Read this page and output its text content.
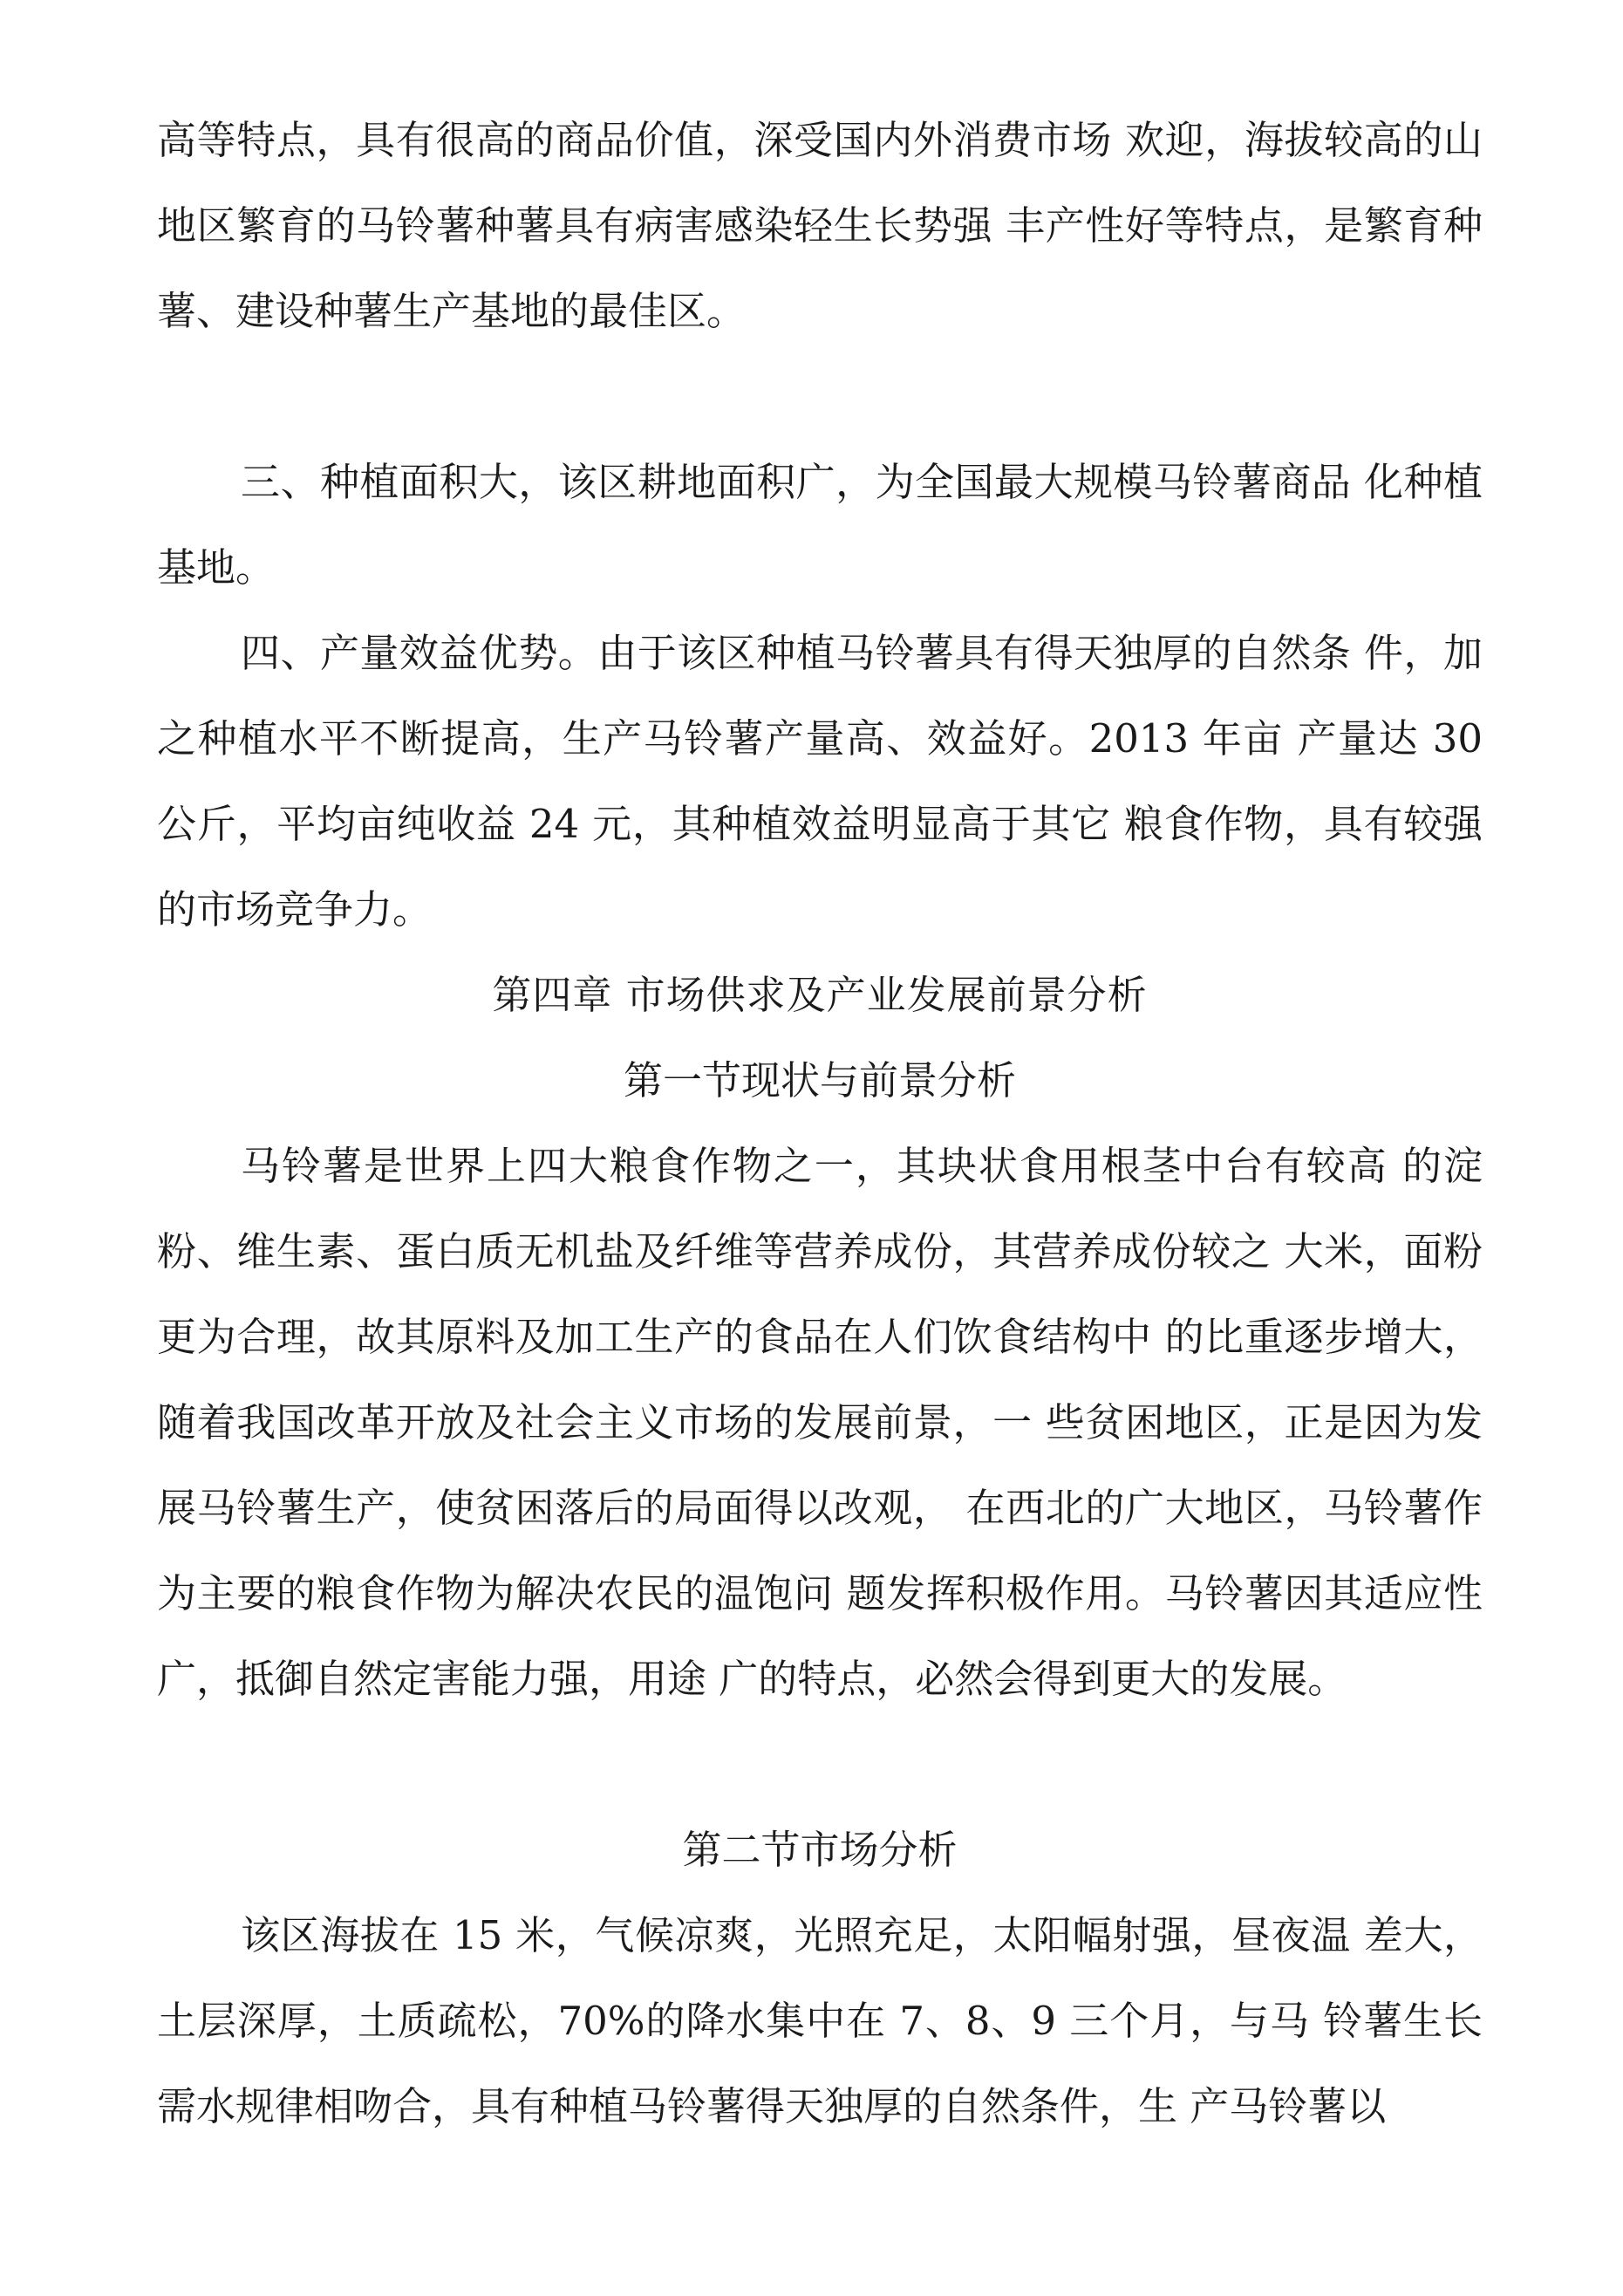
高等特点，具有很高的商品价值，深受国内外消费市场 欢迎，海拔较高的山地区繁育的马铃薯种薯具有病害感染轻生长势强 丰产性好等特点，是繁育种薯、建设种薯生产基地的最佳区。

三、种植面积大，该区耕地面积广，为全国最大规模马铃薯商品 化种植基地。

四、产量效益优势。由于该区种植马铃薯具有得天独厚的自然条 件，加之种植水平不断提高，生产马铃薯产量高、效益好。2013 年亩 产量达 30 公斤，平均亩纯收益 24 元，其种植效益明显高于其它 粮食作物，具有较强的市场竞争力。

第四章 市场供求及产业发展前景分析

第一节现状与前景分析

马铃薯是世界上四大粮食作物之一，其块状食用根茎中台有较高 的淀粉、维生素、蛋白质无机盐及纤维等营养成份，其营养成份较之 大米，面粉更为合理，故其原料及加工生产的食品在人们饮食结构中 的比重逐步增大，随着我国改革开放及社会主义市场的发展前景，一 些贫困地区，正是因为发展马铃薯生产，使贫困落后的局面得以改观， 在西北的广大地区，马铃薯作为主要的粮食作物为解决农民的温饱问 题发挥积极作用。马铃薯因其适应性广，抵御自然定害能力强，用途 广的特点，必然会得到更大的发展。

第二节市场分析

该区海拔在 15 米，气候凉爽，光照充足，太阳幅射强，昼夜温 差大，土层深厚，土质疏松，70%的降水集中在 7、8、9 三个月，与马 铃薯生长需水规律相吻合，具有种植马铃薯得天独厚的自然条件，生 产马铃薯以
